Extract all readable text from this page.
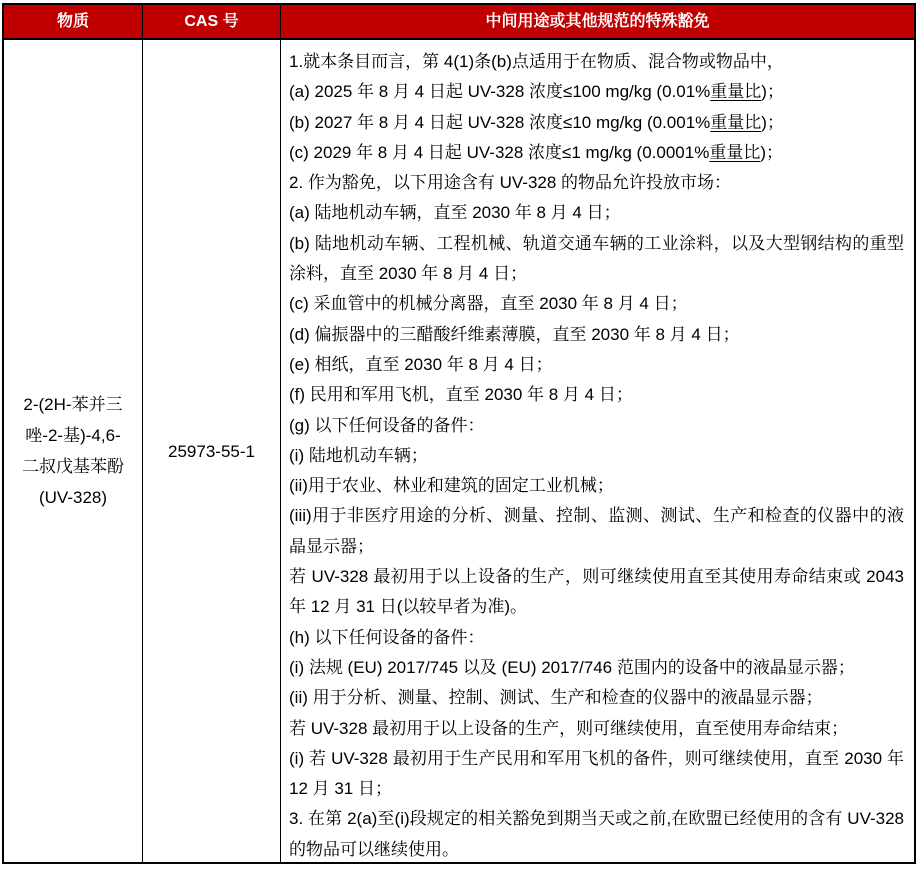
物质	CAS 号	中间用途或其他规范的特殊豁免
2-(2H-苯并三
唑-2-基)-4,6-
二叔戊基苯酚
(UV-328)
25973-55-1

1.就本条目而言，第 4(1)条(b)点适用于在物质、混合物或物品中，

(a) 2025 年 8 月 4 日起 UV-328 浓度≤100 mg/kg (0.01%重量比)；

(b) 2027 年 8 月 4 日起 UV-328 浓度≤10 mg/kg (0.001%重量比)；

(c) 2029 年 8 月 4 日起 UV-328 浓度≤1 mg/kg (0.0001%重量比)；

2. 作为豁免，以下用途含有 UV-328 的物品允许投放市场：

(a) 陆地机动车辆，直至 2030 年 8 月 4 日；

(b) 陆地机动车辆、工程机械、轨道交通车辆的工业涂料，以及大型钢结构的重型涂料，直至 2030 年 8 月 4 日；

(c) 采血管中的机械分离器，直至 2030 年 8 月 4 日；

(d) 偏振器中的三醋酸纤维素薄膜，直至 2030 年 8 月 4 日；

(e) 相纸，直至 2030 年 8 月 4 日；

(f) 民用和军用飞机，直至 2030 年 8 月 4 日；

(g) 以下任何设备的备件：

(i) 陆地机动车辆；

(ii)用于农业、林业和建筑的固定工业机械；

(iii)用于非医疗用途的分析、测量、控制、监测、测试、生产和检查的仪器中的液晶显示器；

若 UV-328 最初用于以上设备的生产，则可继续使用直至其使用寿命结束或 2043 年 12 月 31 日(以较早者为准)。

(h) 以下任何设备的备件：

(i) 法规 (EU) 2017/745 以及 (EU) 2017/746 范围内的设备中的液晶显示器；

(ii) 用于分析、测量、控制、测试、生产和检查的仪器中的液晶显示器；

若 UV-328 最初用于以上设备的生产，则可继续使用，直至使用寿命结束；

(i) 若 UV-328 最初用于生产民用和军用飞机的备件，则可继续使用，直至 2030 年 12 月 31 日；

3. 在第 2(a)至(i)段规定的相关豁免到期当天或之前,在欧盟已经使用的含有 UV-328 的物品可以继续使用。
